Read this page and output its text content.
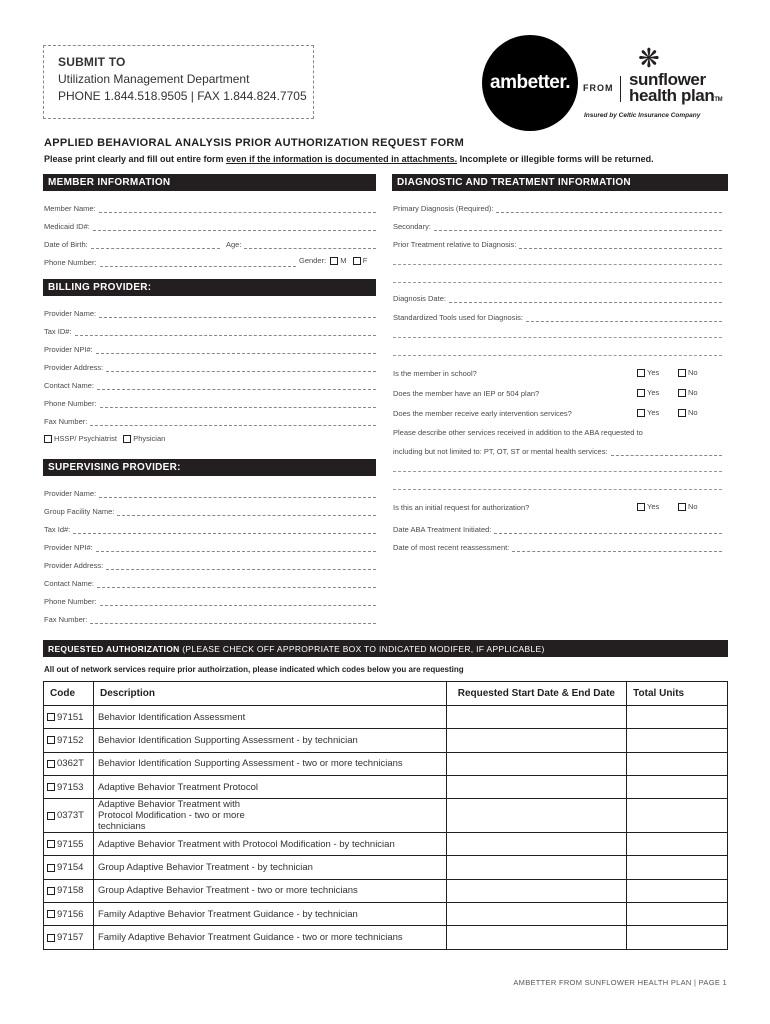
SUBMIT TO
Utilization Management Department
PHONE 1.844.518.9505 | FAX 1.844.824.7705
ambetter. FROM
❋
sunflower
health planTM
Insured by Celtic Insurance Company
APPLIED BEHAVIORAL ANALYSIS PRIOR AUTHORIZATION REQUEST FORM
Please print clearly and fill out entire form even if the information is documented in attachments. Incomplete or illegible forms will be returned.
MEMBER INFORMATION
Member Name:
Medicaid ID#:
Date of Birth:	Age:
Phone Number:	Gender:
M
F
BILLING PROVIDER:
Provider Name:
Tax ID#:
Provider NPI#:
Provider Address:
Contact Name:
Phone Number:
Fax Number:
HSSP/ Psychiatrist
Physician
SUPERVISING PROVIDER:
Provider Name:
Group Facility Name:
Tax Id#:
Provider NPI#:
Provider Address:
Contact Name:
Phone Number:
Fax Number:
DIAGNOSTIC AND TREATMENT INFORMATION
Primary Diagnosis (Required):
Secondary:
Prior Treatment relative to Diagnosis:
Diagnosis Date:
Standardized Tools used for Diagnosis:
Is the member in school?	Yes	No
Does the member have an IEP or 504 plan?	Yes	No
Does the member receive early intervention services?	Yes	No
Please describe other services received in addition to the ABA requested to
including but not limited to: PT, OT, ST or mental health services:
Is this an initial request for authorization?	Yes	No
Date ABA Treatment Initiated:
Date of most recent reassessment:
REQUESTED AUTHORIZATION (PLEASE CHECK OFF APPROPRIATE BOX TO INDICATED MODIFER, IF APPLICABLE)
All out of network services require prior authoirzation, please indicated which codes below you are requesting
Code	Description	Requested Start Date & End Date	Total Units
97151	Behavior Identification Assessment		
97152	Behavior Identification Supporting Assessment - by technician		
0362T	Behavior Identification Supporting Assessment - two or more technicians		
97153	Adaptive Behavior Treatment Protocol		
0373T	Adaptive Behavior Treatment with Protocol Modification - two or more technicians		
97155	Adaptive Behavior Treatment with Protocol Modification - by technician		
97154	Group Adaptive Behavior Treatment - by technician		
97158	Group Adaptive Behavior Treatment - two or more technicians		
97156	Family Adaptive Behavior Treatment Guidance - by technician		
97157	Family Adaptive Behavior Treatment Guidance - two or more technicians		
AMBETTER FROM SUNFLOWER HEALTH PLAN | PAGE 1
